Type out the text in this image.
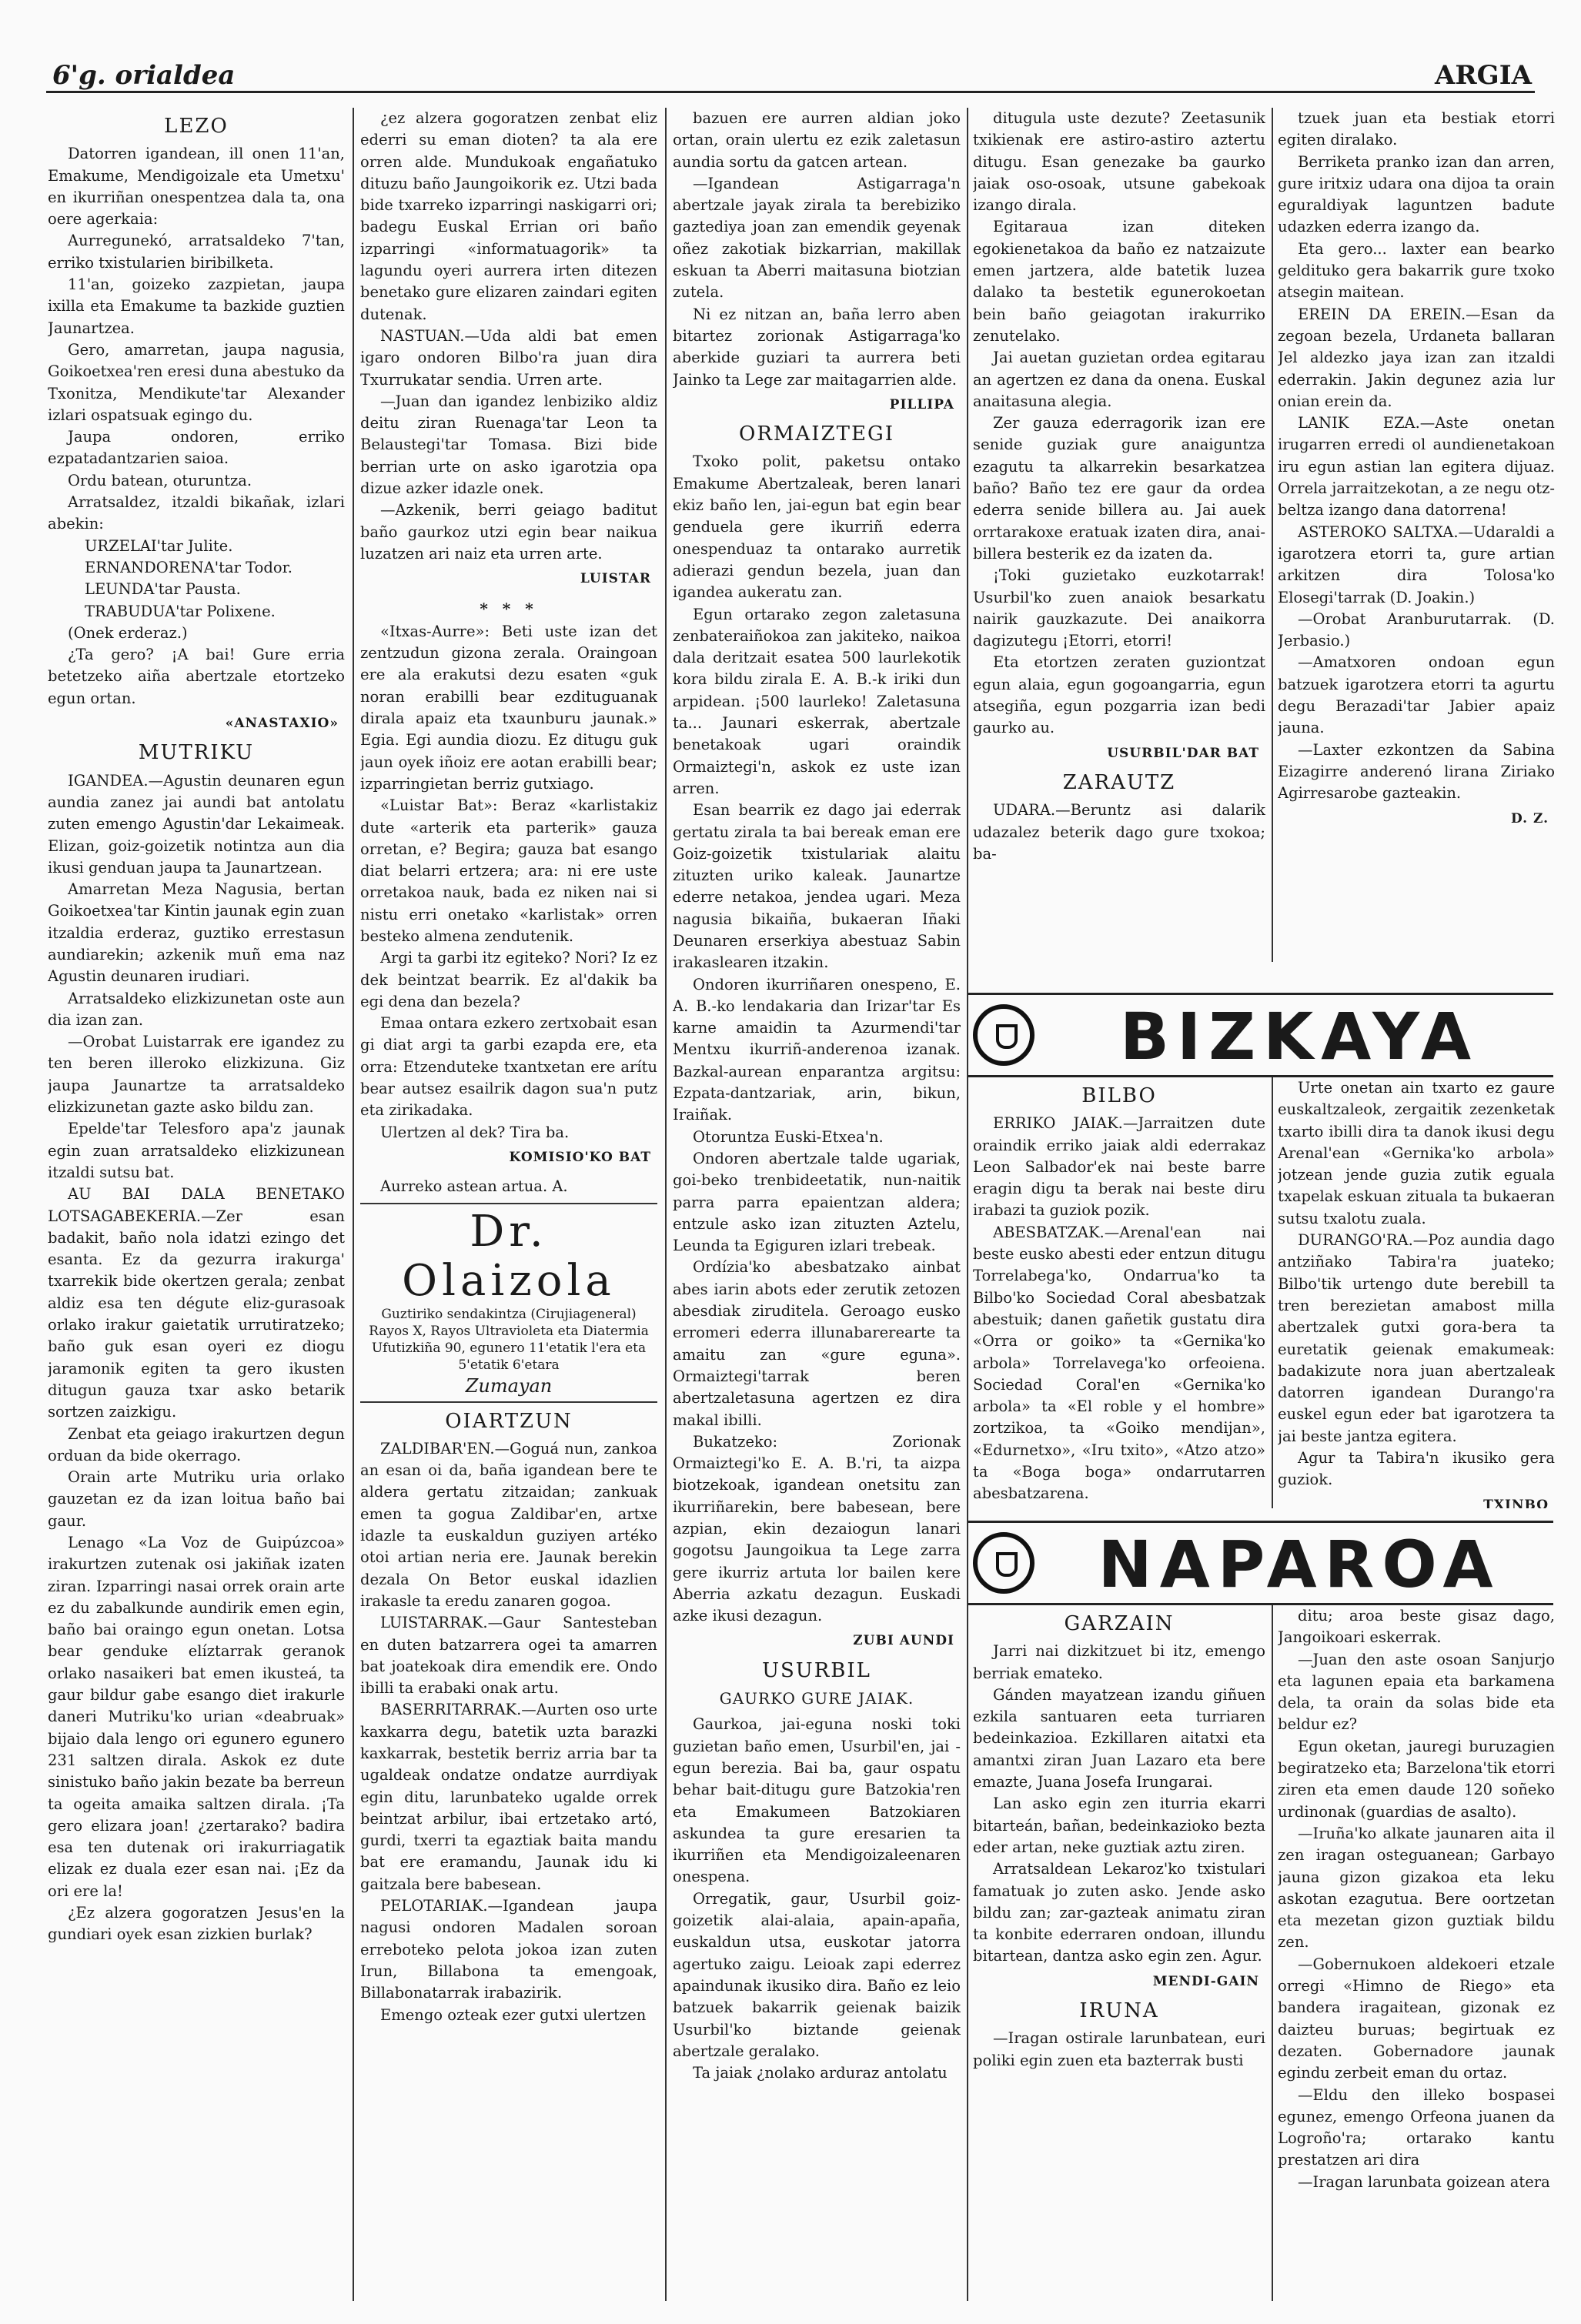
6'g. orialdea	ARGIA
LEZO

Datorren igandean, ill onen 11'an, Emakume, Mendigoizale eta Umetxu' en ikurriñan onespentzea dala ta, ona oere agerkaia:

Aurregunekó, arratsaldeko 7'tan, erriko txistularien biribilketa.

11'an, goizeko zazpietan, jaupa ixilla eta Emakume ta bazkide guztien Jaunartzea.

Gero, amarretan, jaupa nagusia, Goikoetxea'ren eresi duna abestuko da Txonitza, Mendikute'tar Alexander izlari ospatsuak egingo du.

Jaupa ondoren, erriko ezpatadantzarien saioa.

Ordu batean, oturuntza.

Arratsaldez, itzaldi bikañak, izlari abekin:

URZELAI'tar Julite.

ERNANDORENA'tar Todor.

LEUNDA'tar Pausta.

TRABUDUA'tar Polixene.

(Onek erderaz.)

¿Ta gero? ¡A bai! Gure erria betetzeko aiña abertzale etortzeko egun ortan.

«ANASTAXIO»

MUTRIKU

IGANDEA.—Agustin deunaren egun aundia zanez jai aundi bat antolatu zuten emengo Agustin'dar Lekaimeak. Elizan, goiz-goizetik notintza aun dia ikusi genduan jaupa ta Jaunartzean.

Amarretan Meza Nagusia, bertan Goikoetxea'tar Kintin jaunak egin zuan itzaldia erderaz, guztiko errestasun aundiarekin; azkenik muñ ema naz Agustin deunaren irudiari.

Arratsaldeko elizkizunetan oste aun dia izan zan.

—Orobat Luistarrak ere igandez zu ten beren illeroko elizkizuna. Giz jaupa Jaunartze ta arratsaldeko elizkizunetan gazte asko bildu zan.

Epelde'tar Telesforo apa'z jaunak egin zuan arratsaldeko elizkizunean itzaldi sutsu bat.

AU BAI DALA BENETAKO LOTSAGABEKERIA.—Zer esan badakit, baño nola idatzi ezingo det esanta. Ez da gezurra irakurga' txarrekik bide okertzen gerala; zenbat aldiz esa ten dégute eliz-gurasoak orlako irakur gaietatik urrutiratzeko; baño guk esan oyeri ez diogu jaramonik egiten ta gero ikusten ditugun gauza txar asko betarik sortzen zaizkigu.

Zenbat eta geiago irakurtzen degun orduan da bide okerrago.

Orain arte Mutriku uria orlako gauzetan ez da izan loitua baño bai gaur.

Lenago «La Voz de Guipúzcoa» irakurtzen zutenak osi jakiñak izaten ziran. Izparringi nasai orrek orain arte ez du zabalkunde aundirik emen egin, baño bai oraingo egun onetan. Lotsa bear genduke elíztarrak geranok orlako nasaikeri bat emen ikusteá, ta gaur bildur gabe esango diet irakurle daneri Mutriku'ko urian «deabruak» bijaio dala lengo ori egunero egunero 231 saltzen dirala. Askok ez dute sinistuko baño jakin bezate ba berreun ta ogeita amaika saltzen dirala. ¡Ta gero elizara joan! ¿zertarako? badira esa ten dutenak ori irakurriagatik elizak ez duala ezer esan nai. ¡Ez da ori ere la!

¿Ez alzera gogoratzen Jesus'en la gundiari oyek esan zizkien burlak?

¿ez alzera gogoratzen zenbat eliz ederri su eman dioten? ta ala ere orren alde. Mundukoak engañatuko dituzu baño Jaungoikorik ez. Utzi bada bide txarreko izparringi naskigarri ori; badegu Euskal Errian ori baño izparringi «informatuagorik» ta lagundu oyeri aurrera irten ditezen benetako gure elizaren zaindari egiten dutenak.

NASTUAN.—Uda aldi bat emen igaro ondoren Bilbo'ra juan dira Txurrukatar sendia. Urren arte.

—Juan dan igandez lenbiziko aldiz deitu ziran Ruenaga'tar Leon ta Belaustegi'tar Tomasa. Bizi bide berrian urte on asko igarotzia opa dizue azker idazle onek.

—Azkenik, berri geiago baditut baño gaurkoz utzi egin bear naikua luzatzen ari naiz eta urren arte.

LUISTAR

* * *

«Itxas-Aurre»: Beti uste izan det zentzudun gizona zerala. Oraingoan ere ala erakutsi dezu esaten «guk noran erabilli bear ezdituguanak dirala apaiz eta txaunburu jaunak.» Egia. Egi aundia diozu. Ez ditugu guk jaun oyek iñoiz ere aotan erabilli bear; izparringietan berriz gutxiago.

«Luistar Bat»: Beraz «karlistakiz dute «arterik eta parterik» gauza orretan, e? Begira; gauza bat esango diat belarri ertzera; ara: ni ere uste orretakoa nauk, bada ez niken nai si nistu erri onetako «karlistak» orren besteko almena zendutenik.

Argi ta garbi itz egiteko? Nori? Iz ez dek beintzat bearrik. Ez al'dakik ba egi dena dan bezela?

Emaa ontara ezkero zertxobait esan gi diat argi ta garbi ezapda ere, eta orra: Etzenduteke txantxetan ere arítu bear autsez esailrik dagon sua'n putz eta zirikadaka.

Ulertzen al dek? Tira ba.

KOMISIO'KO BAT

Aurreko astean artua. A.

Dr. Olaizola
Guztiriko sendakintza (Cirujiageneral) Rayos X, Rayos Ultravioleta eta Diatermia
Ufutizkiña 90, egunero 11'etatik l'era eta 5'etatik 6'etara
Zumayan
OIARTZUN

ZALDIBAR'EN.—Goguá nun, zankoa an esan oi da, baña igandean bere te aldera gertatu zitzaidan; zankuak emen ta gogua Zaldibar'en, artxe idazle ta euskaldun guziyen artéko otoi artian neria ere. Jaunak berekin dezala On Betor euskal idazlien irakasle ta eredu zanaren gogoa.

LUISTARRAK.—Gaur Santesteban en duten batzarrera ogei ta amarren bat joatekoak dira emendik ere. Ondo ibilli ta erabaki onak artu.

BASERRITARRAK.—Aurten oso urte kaxkarra degu, batetik uzta barazki kaxkarrak, bestetik berriz arria bar ta ugaldeak ondatze ondatze aurrdiyak egin ditu, larunbateko ugalde orrek beintzat arbilur, ibai ertzetako artó, gurdi, txerri ta egaztiak baita mandu bat ere eramandu, Jaunak idu ki gaitzala bere babesean.

PELOTARIAK.—Igandean jaupa nagusi ondoren Madalen soroan erreboteko pelota jokoa izan zuten Irun, Billabona ta emengoak, Billabonatarrak irabazirik.

Emengo ozteak ezer gutxi ulertzen

bazuen ere aurren aldian joko ortan, orain ulertu ez ezik zaletasun aundia sortu da gatcen artean.

—Igandean Astigarraga'n abertzale jayak zirala ta berebiziko gaztediya joan zan emendik geyenak oñez zakotiak bizkarrian, makillak eskuan ta Aberri maitasuna biotzian zutela.

Ni ez nitzan an, baña lerro aben bitartez zorionak Astigarraga'ko aberkide guziari ta aurrera beti Jainko ta Lege zar maitagarrien alde.

PILLIPA

ORMAIZTEGI

Txoko polit, paketsu ontako Emakume Abertzaleak, beren lanari ekiz baño len, jai-egun bat egin bear genduela gere ikurriñ ederra onespenduaz ta ontarako aurretik adierazi gendun bezela, juan dan igandea aukeratu zan.

Egun ortarako zegon zaletasuna zenbateraiñokoa zan jakiteko, naikoa dala deritzait esatea 500 laurlekotik kora bildu zirala E. A. B.-k iriki dun arpidean. ¡500 laurleko! Zaletasuna ta... Jaunari eskerrak, abertzale benetakoak ugari oraindik Ormaiztegi'n, askok ez uste izan arren.

Esan bearrik ez dago jai ederrak gertatu zirala ta bai bereak eman ere Goiz-goizetik txistulariak alaitu zituzten uriko kaleak. Jaunartze ederre netakoa, jendea ugari. Meza nagusia bikaiña, bukaeran Iñaki Deunaren erserkiya abestuaz Sabin irakaslearen itzakin.

Ondoren ikurriñaren onespeno, E. A. B.-ko lendakaria dan Irizar'tar Es karne amaidin ta Azurmendi'tar Mentxu ikurriñ-anderenoa izanak. Bazkal-aurean enparantza argitsu: Ezpata-dantzariak, arin, bikun, Iraiñak.

Otoruntza Euski-Etxea'n.

Ondoren abertzale talde ugariak, goi-beko trenbideetatik, nun-naitik parra parra epaientzan aldera; entzule asko izan zituzten Aztelu, Leunda ta Egiguren izlari trebeak.

Ordízia'ko abesbatzako ainbat abes iarin abots eder zerutik zetozen abesdiak ziruditela. Geroago eusko erromeri ederra illunabarerearte ta amaitu zan «gure eguna». Ormaiztegi'tarrak beren abertzaletasuna agertzen ez dira makal ibilli.

Bukatzeko: Zorionak Ormaiztegi'ko E. A. B.'ri, ta aizpa biotzekoak, igandean onetsitu zan ikurriñarekin, bere babesean, bere azpian, ekin dezaiogun lanari gogotsu Jaungoikua ta Lege zarra gere ikurriz artuta lor bailen kere Aberria azkatu dezagun. Euskadi azke ikusi dezagun.

ZUBI AUNDI

USURBIL
GAURKO GURE JAIAK.

Gaurkoa, jai-eguna noski toki guzietan baño emen, Usurbil'en, jai -egun berezia. Bai ba, gaur ospatu behar bait-ditugu gure Batzokia'ren eta Emakumeen Batzokiaren askundea ta gure eresarien ta ikurriñen eta Mendigoizaleenaren onespena.

Orregatik, gaur, Usurbil goiz-goizetik alai-alaia, apain-apaña, euskaldun utsa, euskotar jatorra agertuko zaigu. Leioak zapi ederrez apaindunak ikusiko dira. Baño ez leio batzuek bakarrik geienak baizik Usurbil'ko biztande geienak abertzale geralako.

Ta jaiak ¿nolako arduraz antolatu

ditugula uste dezute? Zeetasunik txikienak ere astiro-astiro aztertu ditugu. Esan genezake ba gaurko jaiak oso-osoak, utsune gabekoak izango dirala.

Egitaraua izan diteken egokienetakoa da baño ez natzaizute emen jartzera, alde batetik luzea dalako ta bestetik egunerokoetan bein baño geiagotan irakurriko zenutelako.

Jai auetan guzietan ordea egitarau an agertzen ez dana da onena. Euskal anaitasuna alegia.

Zer gauza ederragorik izan ere senide guziak gure anaiguntza ezagutu ta alkarrekin besarkatzea baño? Baño tez ere gaur da ordea ederra senide billera au. Jai auek orrtarakoxe eratuak izaten dira, anai-billera besterik ez da izaten da.

¡Toki guzietako euzkotarrak! Usurbil'ko zuen anaiok besarkatu nairik gauzkazute. Dei anaikorra dagizutegu ¡Etorri, etorri!

Eta etortzen zeraten guziontzat egun alaia, egun gogoangarria, egun atsegiña, egun pozgarria izan bedi gaurko au.

USURBIL'DAR BAT

ZARAUTZ

UDARA.—Beruntz asi dalarik udazalez beterik dago gure txokoa; ba-

tzuek juan eta bestiak etorri egiten diralako.

Berriketa pranko izan dan arren, gure iritxiz udara ona dijoa ta orain eguraldiyak laguntzen badute udazken ederra izango da.

Eta gero... laxter ean bearko geldituko gera bakarrik gure txoko atsegin maitean.

EREIN DA EREIN.—Esan da zegoan bezela, Urdaneta ballaran Jel aldezko jaya izan zan itzaldi ederrakin. Jakin degunez azia lur onian erein da.

LANIK EZA.—Aste onetan irugarren erredi ol aundienetakoan iru egun astian lan egitera dijuaz. Orrela jarraitzekotan, a ze negu otz-beltza izango dana datorrena!

ASTEROKO SALTXA.—Udaraldi a igarotzera etorri ta, gure artian arkitzen dira Tolosa'ko Elosegi'tarrak (D. Joakin.)

—Orobat Aranburutarrak. (D. Jerbasio.)

—Amatxoren ondoan egun batzuek igarotzera etorri ta agurtu degu Berazadi'tar Jabier apaiz jauna.

—Laxter ezkontzen da Sabina Eizagirre anderenó lirana Ziriako Agirresarobe gazteakin.

D. Z.

BIZKAYA
BILBO

ERRIKO JAIAK.—Jarraitzen dute oraindik erriko jaiak aldi ederrakaz Leon Salbador'ek nai beste barre eragin digu ta berak nai beste diru irabazi ta guziok pozik.

ABESBATZAK.—Arenal'ean nai beste eusko abesti eder entzun ditugu Torrelabega'ko, Ondarrua'ko ta Bilbo'ko Sociedad Coral abesbatzak abestuik; danen gañetik gustatu dira «Orra or goiko» ta «Gernika'ko arbola» Torrelavega'ko orfeoiena. Sociedad Coral'en «Gernika'ko arbola» ta «El roble y el hombre» zortzikoa, ta «Goiko mendijan», «Edurnetxo», «Iru txito», «Atzo atzo» ta «Boga boga» ondarrutarren abesbatzarena.

Urte onetan ain txarto ez gaure euskaltzaleok, zergaitik zezenketak txarto ibilli dira ta danok ikusi degu Arenal'ean «Gernika'ko arbola» jotzean jende guzia zutik eguala txapelak eskuan zituala ta bukaeran sutsu txalotu zuala.

DURANGO'RA.—Poz aundia dago antziñako Tabira'ra juateko; Bilbo'tik urtengo dute berebill ta tren berezietan amabost milla abertzalek gutxi gora-bera ta euretatik geienak emakumeak: badakizute nora juan abertzaleak datorren igandean Durango'ra euskel egun eder bat igarotzera ta jai beste jantza egitera.

Agur ta Tabira'n ikusiko gera guziok.

TXINBO

NAPAROA
GARZAIN

Jarri nai dizkitzuet bi itz, emengo berriak emateko.

Gánden mayatzean izandu giñuen ezkila santuaren eeta turriaren bedeinkazioa. Ezkillaren aitatxi eta amantxi ziran Juan Lazaro eta bere emazte, Juana Josefa Irungarai.

Lan asko egin zen iturria ekarri bitarteán, bañan, bedeinkazioko bezta eder artan, neke guztiak aztu ziren.

Arratsaldean Lekaroz'ko txistulari famatuak jo zuten asko. Jende asko bildu zan; zar-gazteak animatu ziran ta konbite ederraren ondoan, illundu bitartean, dantza asko egin zen. Agur.

MENDI-GAIN

IRUNA

—Iragan ostirale larunbatean, euri poliki egin zuen eta bazterrak busti

ditu; aroa beste gisaz dago, Jangoikoari eskerrak.

—Juan den aste osoan Sanjurjo eta lagunen epaia eta barkamena dela, ta orain da solas bide eta beldur ez?

Egun oketan, jauregi buruzagien begiratzeko eta; Barzelona'tik etorri ziren eta emen daude 120 soñeko urdinonak (guardias de asalto).

—Iruña'ko alkate jaunaren aita il zen iragan osteguanean; Garbayo jauna gizon gizakoa eta leku askotan ezagutua. Bere oortzetan eta mezetan gizon guztiak bildu zen.

—Gobernukoen aldekoeri etzale orregi «Himno de Riego» eta bandera iragaitean, gizonak ez daizteu buruas; begirtuak ez dezaten. Gobernadore jaunak egindu zerbeit eman du ortaz.

—Eldu den illeko bospasei egunez, emengo Orfeona juanen da Logroño'ra; ortarako kantu prestatzen ari dira

—Iragan larunbata goizean atera
